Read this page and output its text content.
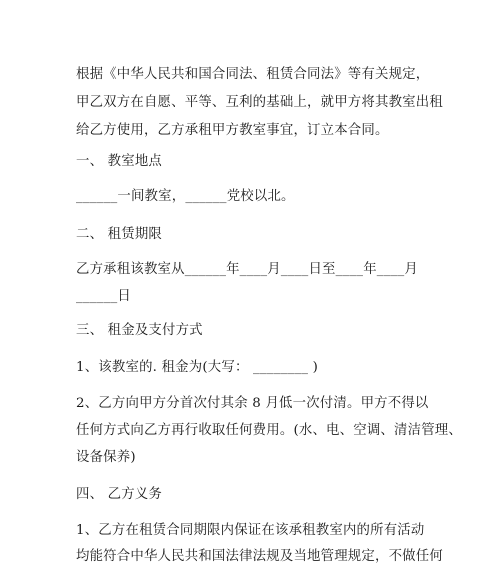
根据《中华人民共和国合同法、租赁合同法》等有关规定，
甲乙双方在自愿、平等、互利的基础上，就甲方将其教室出租
给乙方使用，乙方承租甲方教室事宜，订立本合同。
一、 教室地点
______一间教室，______党校以北。
二、 租赁期限
乙方承租该教室从______年____月____日至____年____月
______日
三、 租金及支付方式
1、该教室的. 租金为(大写： ________ )
2、乙方向甲方分首次付其余 8 月低一次付清。甲方不得以
任何方式向乙方再行收取任何费用。(水、电、空调、清洁管理、
设备保养)
四、 乙方义务
1、乙方在租赁合同期限内保证在该承租教室内的所有活动
均能符合中华人民共和国法律法规及当地管理规定，不做任何
